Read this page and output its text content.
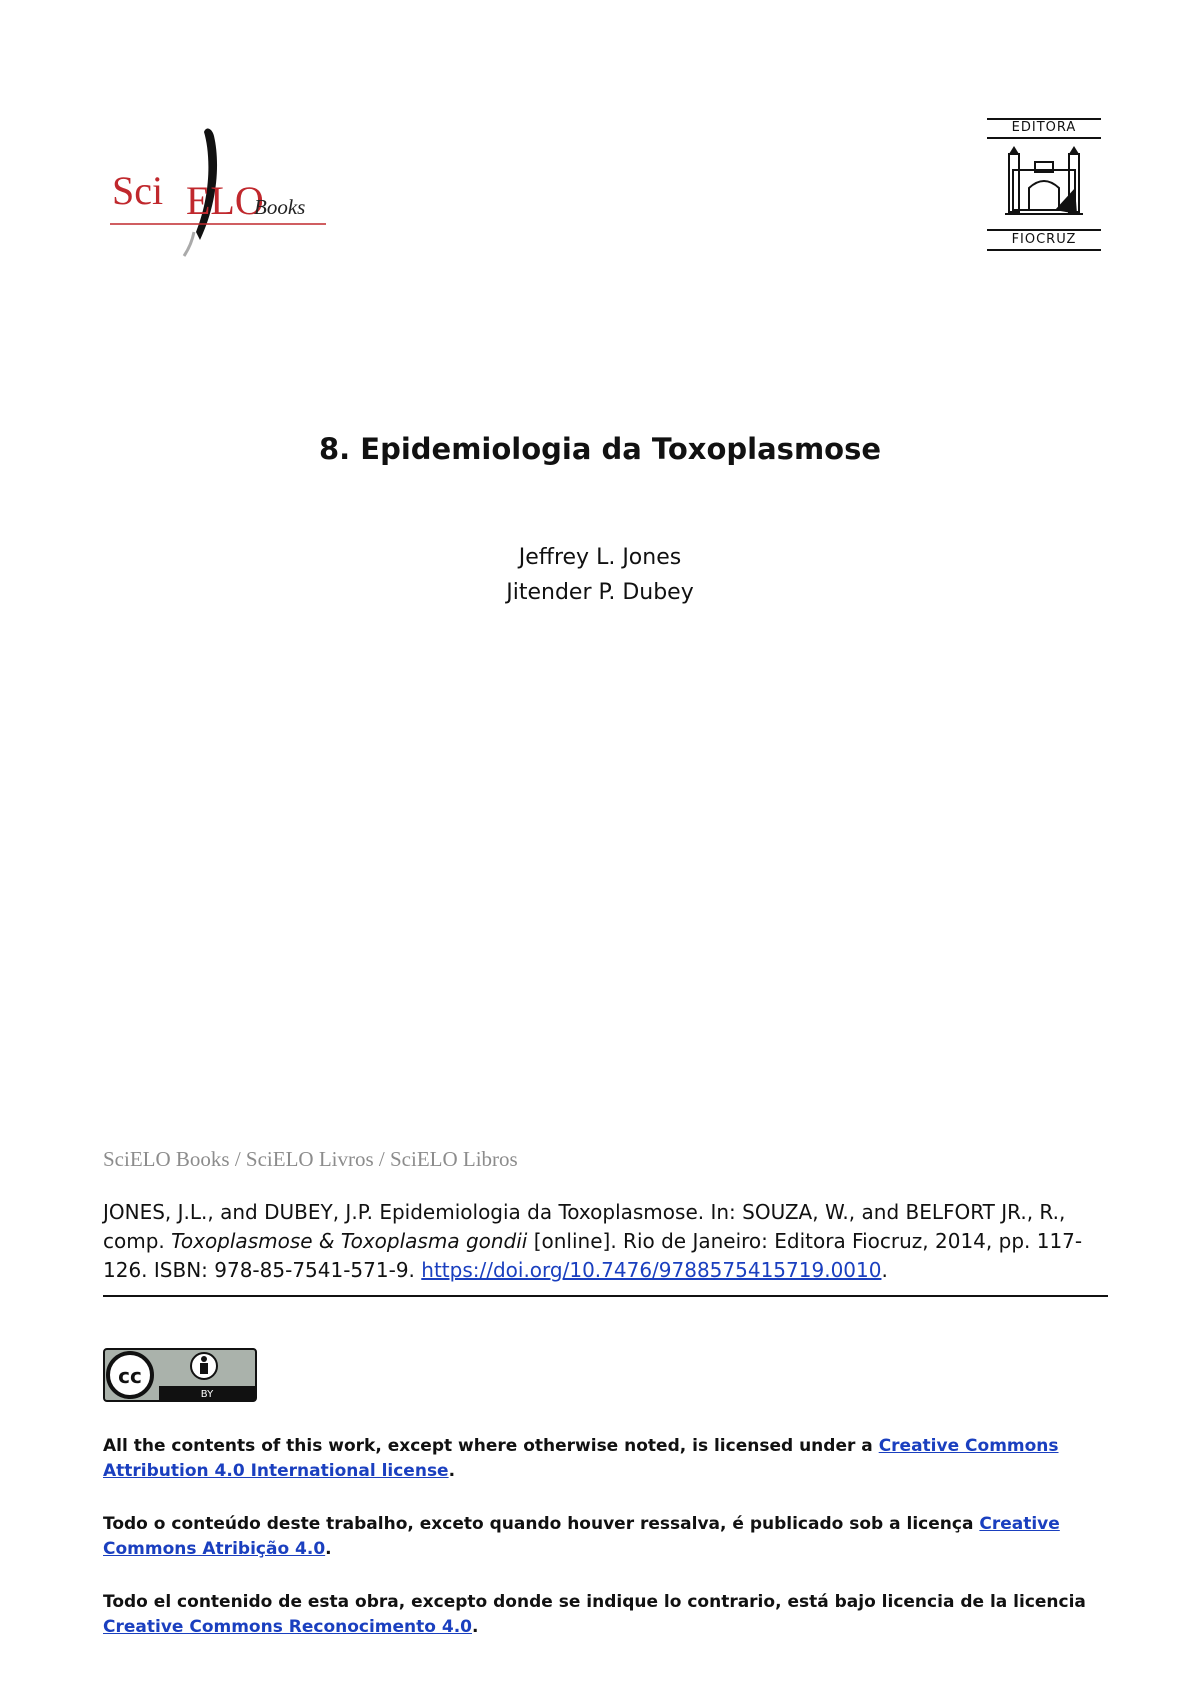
Sci ELO
Books
EDITORA
FIOCRUZ
8. Epidemiologia da Toxoplasmose
Jeffrey L. Jones
Jitender P. Dubey
SciELO Books / SciELO Livros / SciELO Libros
JONES, J.L., and DUBEY, J.P. Epidemiologia da Toxoplasmose. In: SOUZA, W., and BELFORT JR., R., comp. Toxoplasmose & Toxoplasma gondii [online]. Rio de Janeiro: Editora Fiocruz, 2014, pp. 117-126. ISBN: 978-85-7541-571-9. https://doi.org/10.7476/9788575415719.0010.
cc
BY
All the contents of this work, except where otherwise noted, is licensed under a Creative Commons Attribution 4.0 International license.
Todo o conteúdo deste trabalho, exceto quando houver ressalva, é publicado sob a licença Creative Commons Atribição 4.0.
Todo el contenido de esta obra, excepto donde se indique lo contrario, está bajo licencia de la licencia Creative Commons Reconocimento 4.0.
